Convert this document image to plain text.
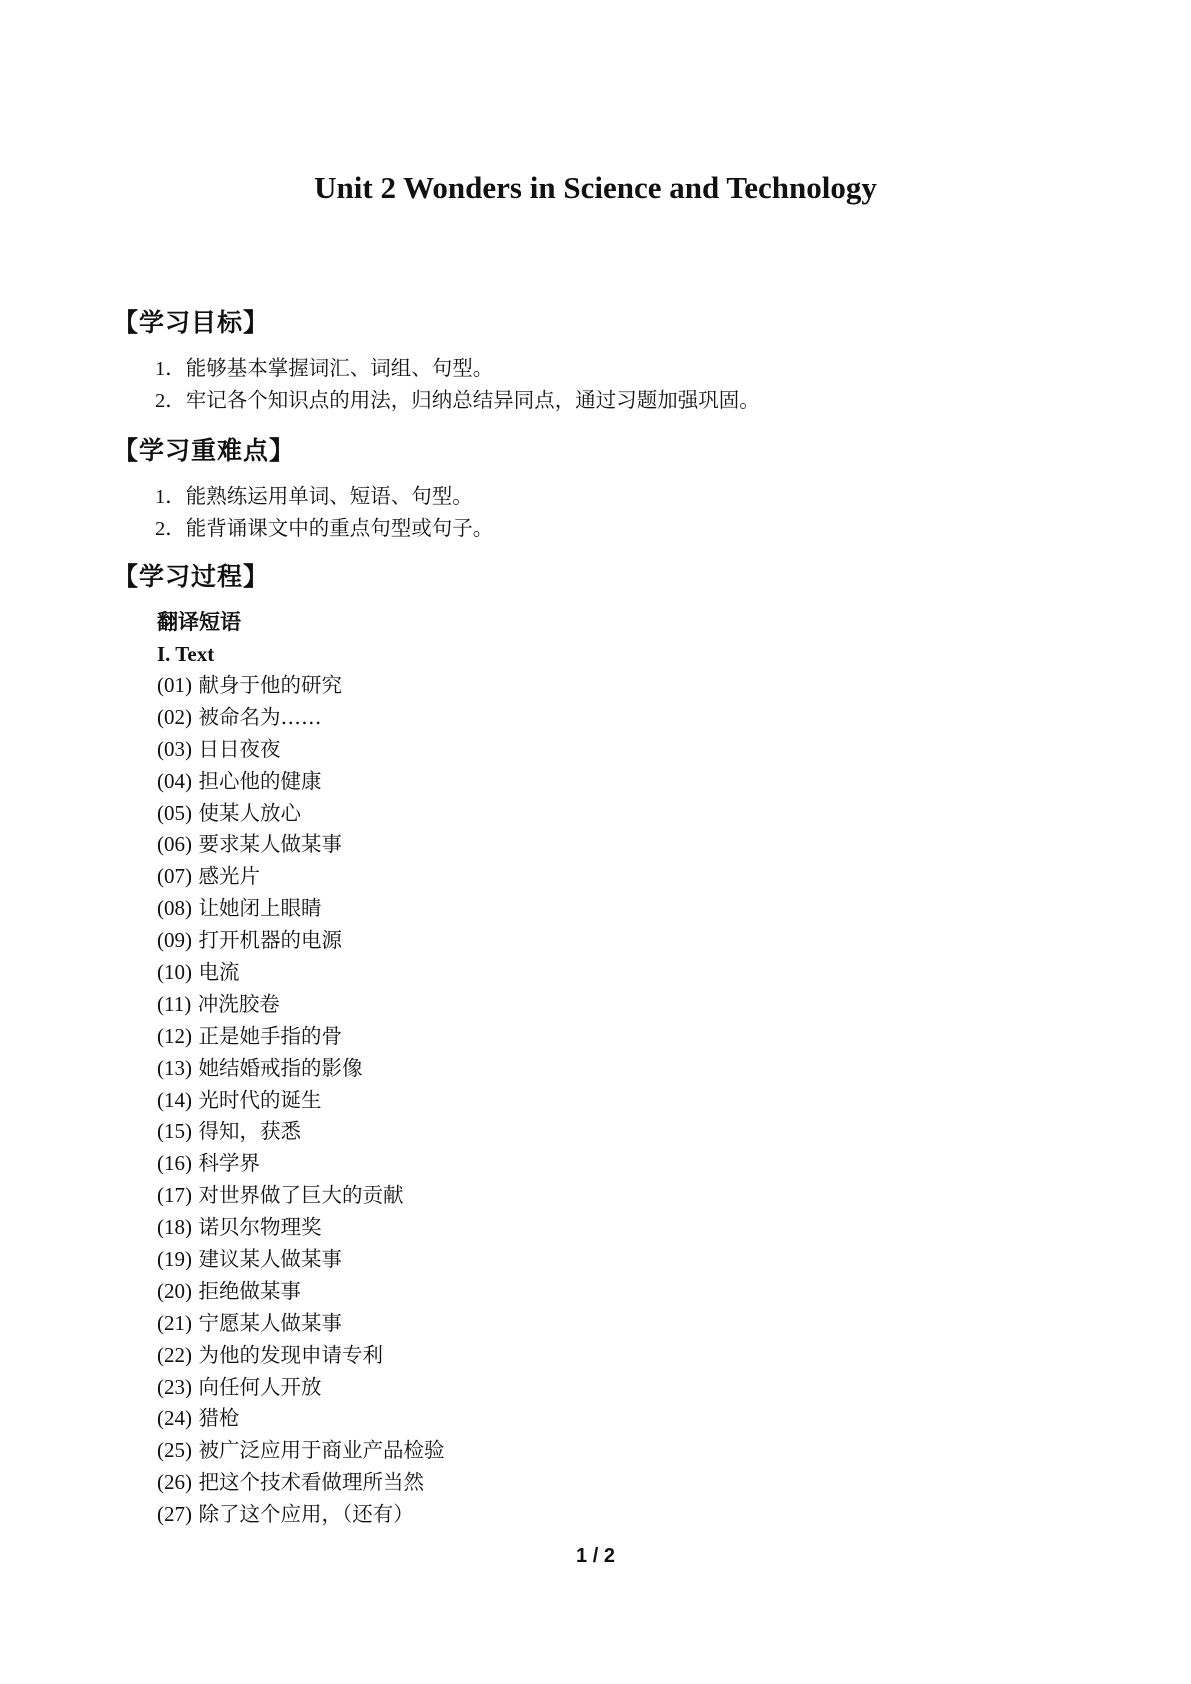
Unit 2 Wonders in Science and Technology
【学习目标】
1．能够基本掌握词汇、词组、句型。
2．牢记各个知识点的用法，归纳总结异同点，通过习题加强巩固。
【学习重难点】
1．能熟练运用单词、短语、句型。
2．能背诵课文中的重点句型或句子。
【学习过程】
翻译短语
I. Text
(01) 献身于他的研究
(02) 被命名为……
(03) 日日夜夜
(04) 担心他的健康
(05) 使某人放心
(06) 要求某人做某事
(07) 感光片
(08) 让她闭上眼睛
(09) 打开机器的电源
(10) 电流
(11) 冲洗胶卷
(12) 正是她手指的骨
(13) 她结婚戒指的影像
(14) 光时代的诞生
(15) 得知，获悉
(16) 科学界
(17) 对世界做了巨大的贡献
(18) 诺贝尔物理奖
(19) 建议某人做某事
(20) 拒绝做某事
(21) 宁愿某人做某事
(22) 为他的发现申请专利
(23) 向任何人开放
(24) 猎枪
(25) 被广泛应用于商业产品检验
(26) 把这个技术看做理所当然
(27) 除了这个应用，（还有）
1 / 2
